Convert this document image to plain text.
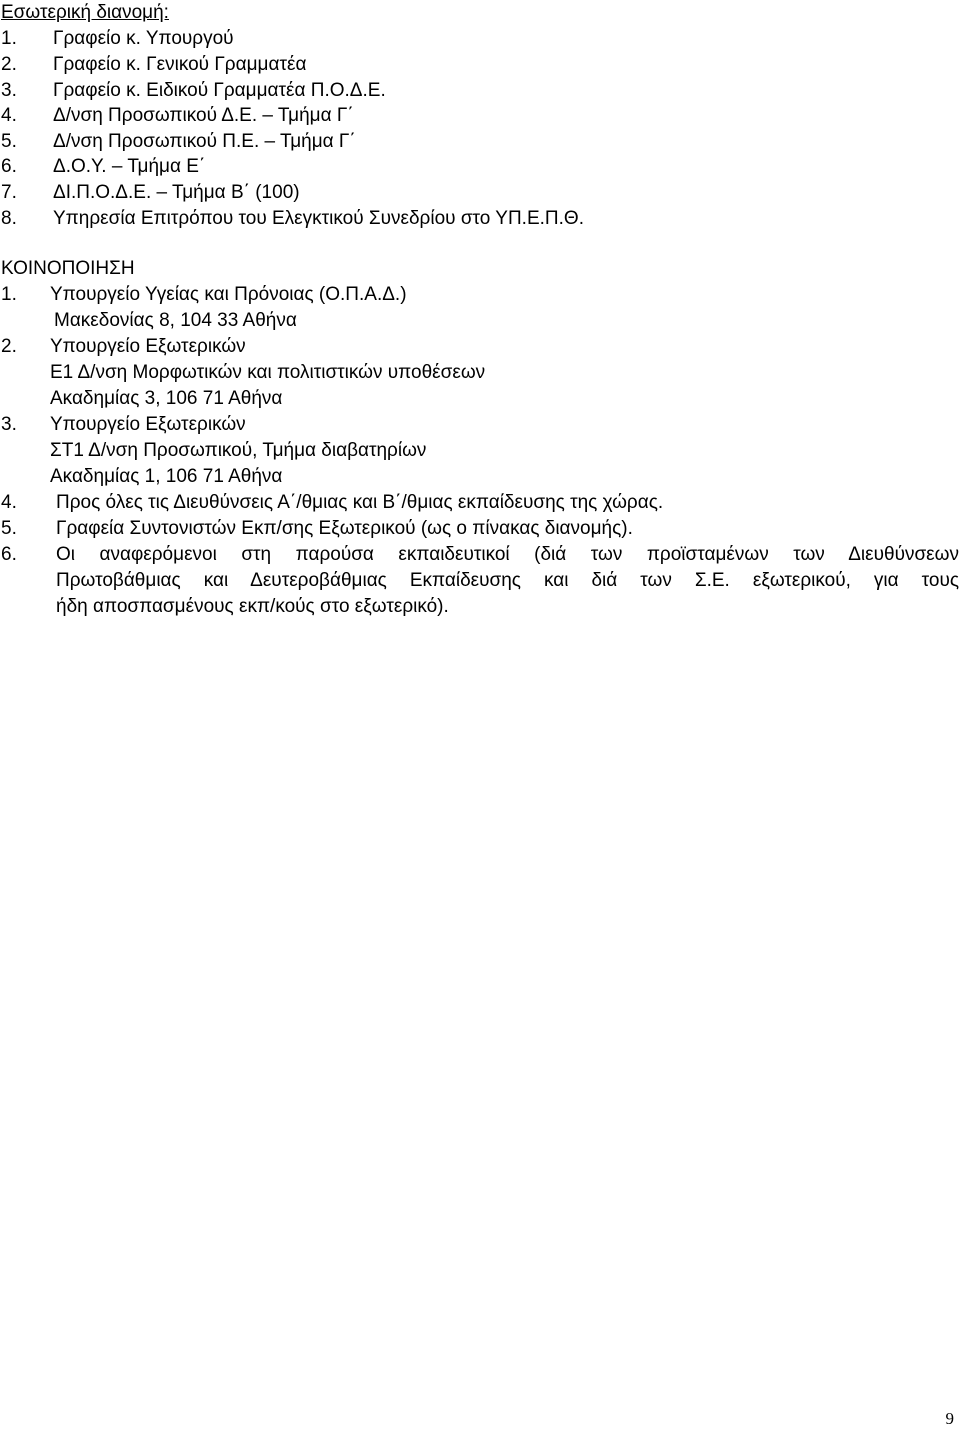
Εσωτερική διανομή:
1. Γραφείο κ. Υπουργού
2. Γραφείο κ. Γενικού Γραμματέα
3. Γραφείο κ. Ειδικού Γραμματέα Π.Ο.Δ.Ε.
4. Δ/νση Προσωπικού Δ.Ε. – Τμήμα Γ΄
5. Δ/νση Προσωπικού Π.Ε. – Τμήμα Γ΄
6. Δ.Ο.Υ. – Τμήμα Ε΄
7. ΔΙ.Π.Ο.Δ.Ε. – Τμήμα Β΄ (100)
8. Υπηρεσία Επιτρόπου του Ελεγκτικού Συνεδρίου στο ΥΠ.Ε.Π.Θ.
ΚΟΙΝΟΠΟΙΗΣΗ
1. Υπουργείο Υγείας και Πρόνοιας (Ο.Π.Α.Δ.)
Μακεδονίας 8, 104 33 Αθήνα
2. Υπουργείο Εξωτερικών
Ε1 Δ/νση Μορφωτικών και πολιτιστικών υποθέσεων
Ακαδημίας 3, 106 71 Αθήνα
3. Υπουργείο Εξωτερικών
ΣΤ1 Δ/νση Προσωπικού, Τμήμα διαβατηρίων
Ακαδημίας 1, 106 71 Αθήνα
4. Προς όλες τις Διευθύνσεις Α΄/θμιας και Β΄/θμιας εκπαίδευσης της χώρας.
5. Γραφεία Συντονιστών Εκπ/σης Εξωτερικού (ως ο πίνακας διανομής).
6. Οι αναφερόμενοι στη παρούσα εκπαιδευτικοί (διά των προϊσταμένων των Διευθύνσεων
Πρωτοβάθμιας και Δευτεροβάθμιας Εκπαίδευσης και διά των Σ.Ε. εξωτερικού, για τους
ήδη αποσπασμένους εκπ/κούς στο εξωτερικό).
9
